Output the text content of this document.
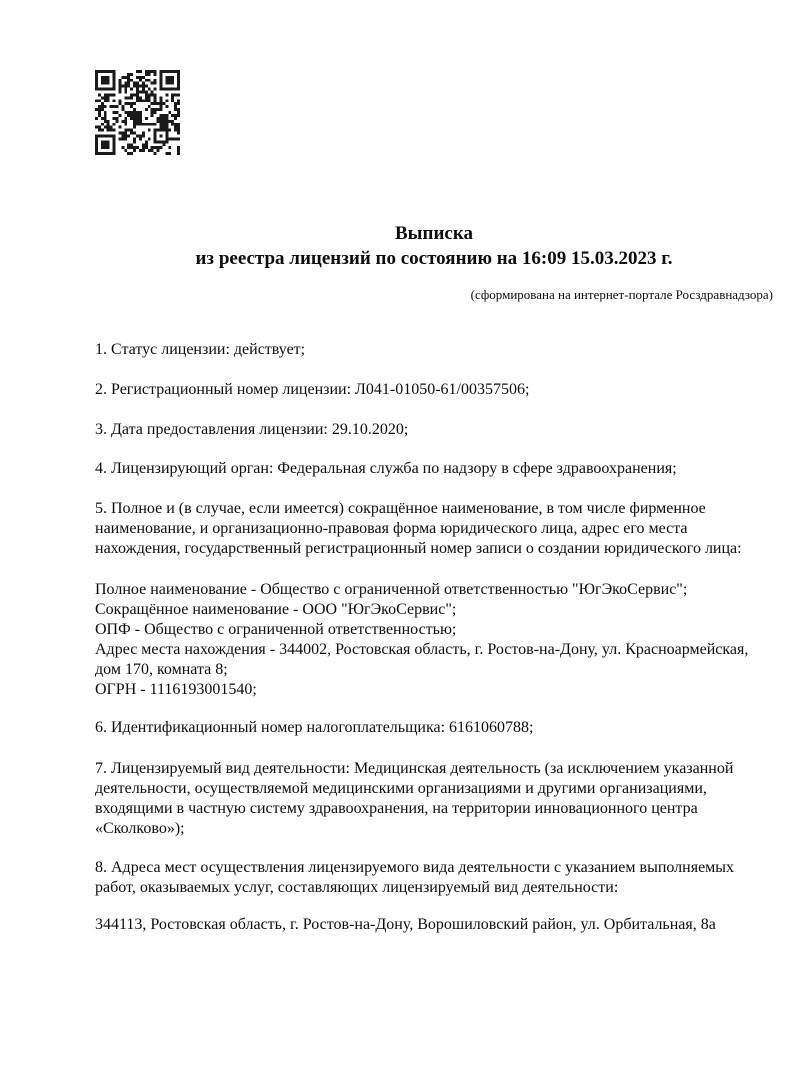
Выписка
из реестра лицензий по состоянию на 16:09 15.03.2023 г.
(сформирована на интернет-портале Росздравнадзора)

1. Статус лицензии: действует;

2. Регистрационный номер лицензии: Л041-01050-61/00357506;

3. Дата предоставления лицензии: 29.10.2020;

4. Лицензирующий орган: Федеральная служба по надзору в сфере здравоохранения;

5. Полное и (в случае, если имеется) сокращённое наименование, в том числе фирменное наименование, и организационно-правовая форма юридического лица, адрес его места нахождения, государственный регистрационный номер записи о создании юридического лица:

Полное наименование - Общество с ограниченной ответственностью "ЮгЭкоСервис";

Сокращённое наименование - ООО "ЮгЭкоСервис";

ОПФ - Общество с ограниченной ответственностью;

Адрес места нахождения - 344002, Ростовская область, г. Ростов-на-Дону, ул. Красноармейская, дом 170, комната 8;

ОГРН - 1116193001540;

6. Идентификационный номер налогоплательщика: 6161060788;

7. Лицензируемый вид деятельности: Медицинская деятельность (за исключением указанной деятельности, осуществляемой медицинскими организациями и другими организациями, входящими в частную систему здравоохранения, на территории инновационного центра «Сколково»);

8. Адреса мест осуществления лицензируемого вида деятельности с указанием выполняемых работ, оказываемых услуг, составляющих лицензируемый вид деятельности:

344113, Ростовская область, г. Ростов-на-Дону, Ворошиловский район, ул. Орбитальная, 8а
